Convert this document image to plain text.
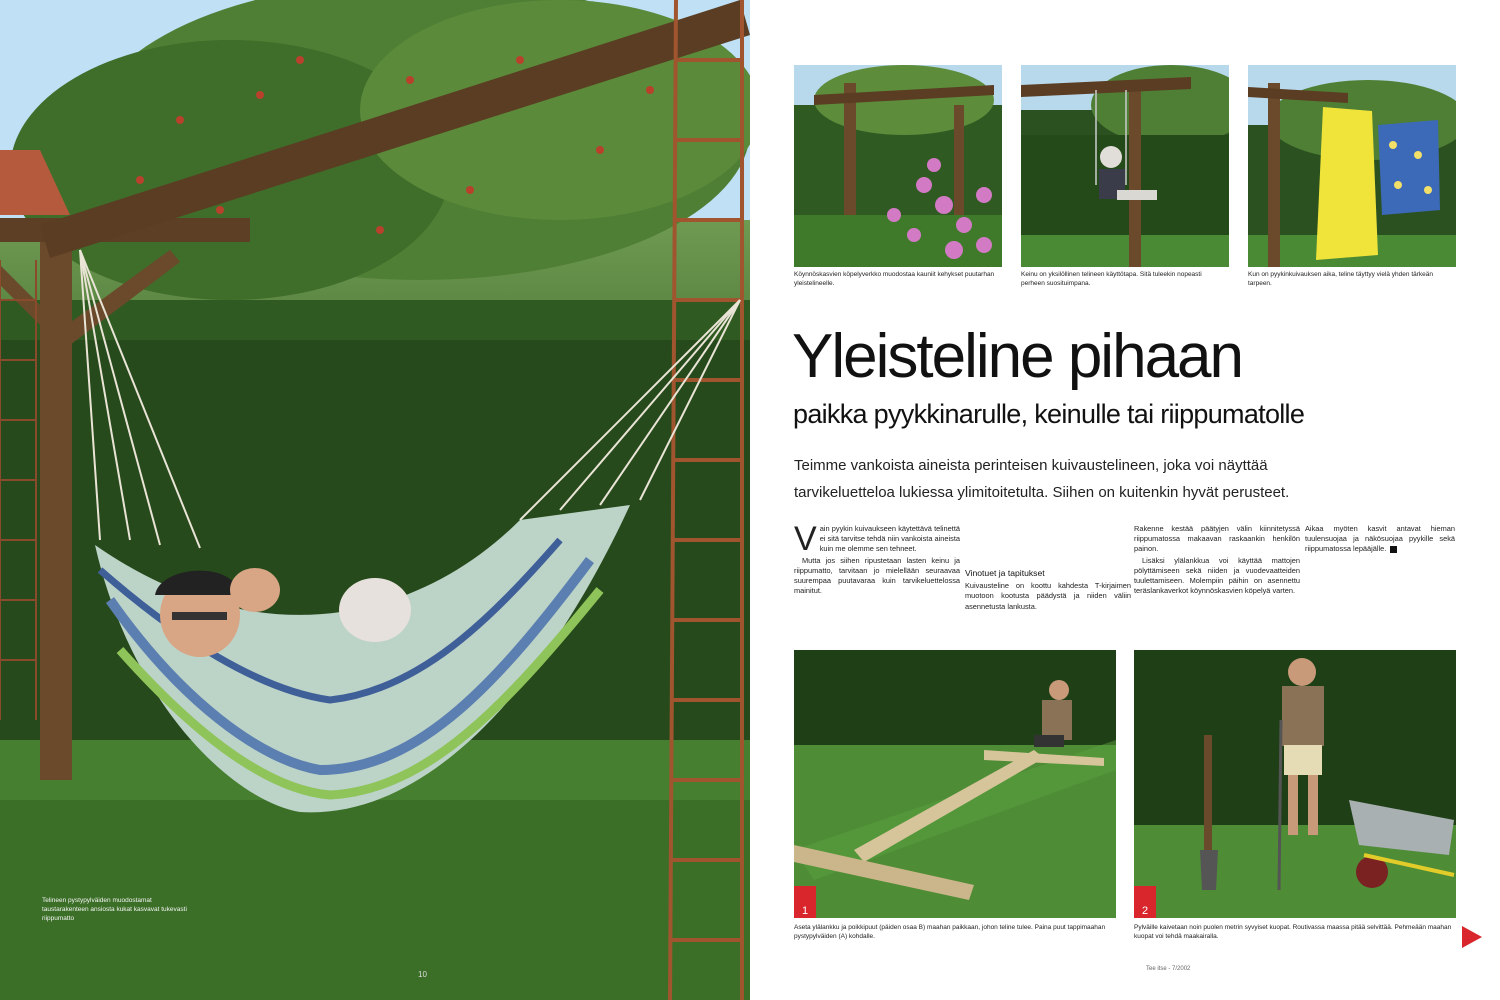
Telineen pystypylväiden muodostamat taustarakenteen ansiosta kukat kasvavat tukevasti riippumatto
10
Köynnöskasvien köpelyverkko muodostaa kauniit kehykset puutarhan yleistelineelle.
Keinu on yksilöllinen telineen käyttötapa. Sitä tuleekin nopeasti perheen suosituimpana.
Kun on pyykinkuivauksen aika, teline täyttyy vielä yhden tärkeän tarpeen.
Yleisteline pihaan
paikka pyykkinarulle, keinulle tai riippumatolle
Teimme vankoista aineista perinteisen kuivaustelineen, joka voi näyttää tarvikeluetteloa lukiessa ylimitoitetulta. Siihen on kuitenkin hyvät perusteet.

Vain pyykin kuivaukseen käytettävä telinettä ei sitä tarvitse tehdä niin vankoista aineista kuin me olemme sen tehneet.

Mutta jos siihen ripustetaan lasten keinu ja riippumatto, tarvitaan jo mielellään seuraavaa suurempaa puutavaraa kuin tarvikeluettelossa mainitut.

Vinotuet ja tapitukset

Kuivausteline on koottu kahdesta T-kirjaimen muotoon kootusta päädystä ja niiden väliin asennetusta lankusta.

Rakenne kestää päätyjen välin kiinnitetyssä riippumatossa makaavan raskaankin henkilön painon.

Lisäksi ylälankkua voi käyttää mattojen pölyttämiseen sekä niiden ja vuodevaatteiden tuulettamiseen. Molempiin päihin on asennettu teräslankaverkot köynnöskasvien köpelyä varten.

Aikaa myöten kasvit antavat hieman tuulensuojaa ja näkösuojaa pyykille sekä riippumatossa lepääjälle.

1
Aseta ylälankku ja poikkipuut (päiden osaa B) maahan paikkaan, johon teline tulee. Paina puut tappimaahan pystypylväiden (A) kohdalle.
2
Pylväille kaivetaan noin puolen metrin syvyiset kuopat. Routivassa maassa pitää selvittää. Pehmeään maahan kuopat voi tehdä maakairalla.
Tee itse - 7/2002
